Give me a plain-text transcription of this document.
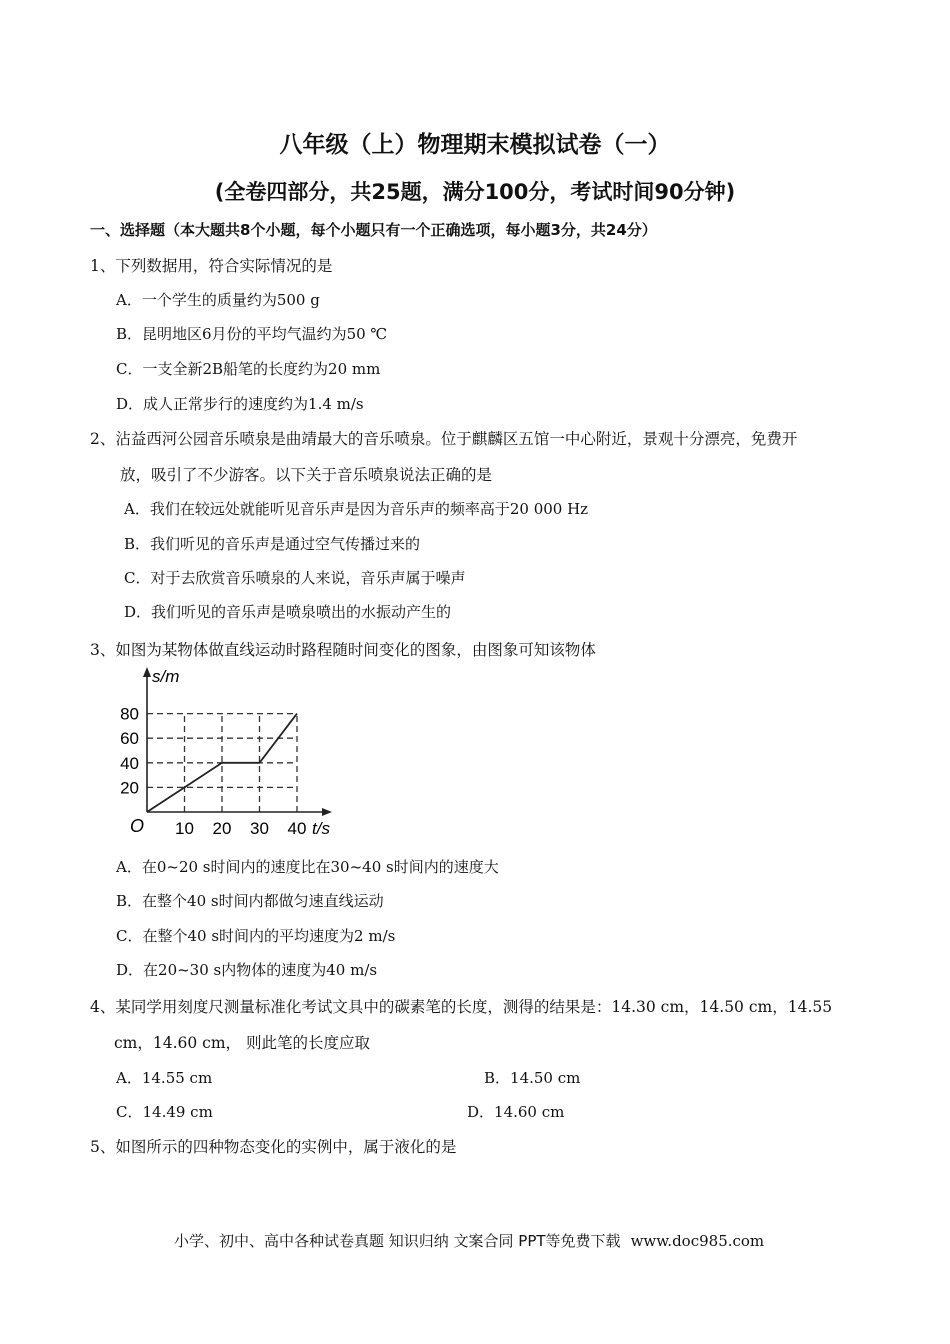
八年级（上）物理期末模拟试卷（一）
(全卷四部分，共25题，满分100分，考试时间90分钟)
一、选择题（本大题共8个小题，每个小题只有一个正确选项，每小题3分，共24分）
1、下列数据用，符合实际情况的是
A．一个学生的质量约为500 g
B．昆明地区6月份的平均气温约为50 ℃
C．一支全新2B船笔的长度约为20 mm
D．成人正常步行的速度约为1.4 m/s
2、沾益西河公园音乐喷泉是曲靖最大的音乐喷泉。位于麒麟区五馆一中心附近，景观十分漂亮，免费开
放，吸引了不少游客。以下关于音乐喷泉说法正确的是
A．我们在较远处就能听见音乐声是因为音乐声的频率高于20 000 Hz
B．我们听见的音乐声是通过空气传播过来的
C．对于去欣赏音乐喷泉的人来说，音乐声属于噪声
D．我们听见的音乐声是喷泉喷出的水振动产生的
3、如图为某物体做直线运动时路程随时间变化的图象，由图象可知该物体
20
40
60
80
10 20 30 40
s/m
t/s
O
A．在0~20 s时间内的速度比在30~40 s时间内的速度大
B．在整个40 s时间内都做匀速直线运动
C．在整个40 s时间内的平均速度为2 m/s
D．在20~30 s内物体的速度为40 m/s
4、某同学用刻度尺测量标准化考试文具中的碳素笔的长度，测得的结果是：14.30 cm，14.50 cm，14.55
cm，14.60 cm， 则此笔的长度应取
A．14.55 cm	B．14.50 cm
C．14.49 cm	D．14.60 cm
5、如图所示的四种物态变化的实例中，属于液化的是
小学、初中、高中各种试卷真题 知识归纳 文案合同 PPT等免费下载 www.doc985.com
